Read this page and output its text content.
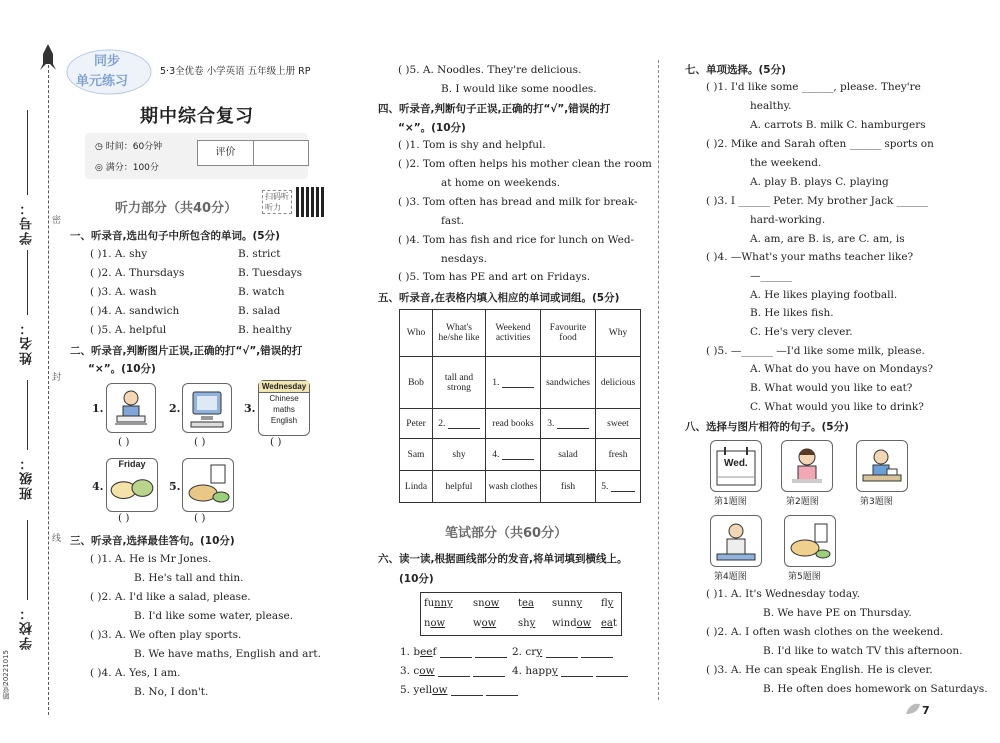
学号：
姓名：
班级：
学校：
密
封
线
随堂20221015
同步
单元练习
5·3全优卷 小学英语 五年级上册 RP
期中综合复习
◷ 时间：60分钟
◎ 满分：100分
评价
听力部分（共40分）
扫码听听力
一、听录音,选出句子中所包含的单词。(5分)
( )1. A. shy	B. strict
( )2. A. Thursdays	B. Tuesdays
( )3. A. wash	B. watch
( )4. A. sandwich	B. salad
( )5. A. helpful	B. healthy
二、听录音,判断图片正误,正确的打“√”,错误的打
“×”。(10分)
1.	2.	3.
Wednesday
Chinese
maths
English
( )	( )	( )
4.
Friday
5.
( )	( )
三、听录音,选择最佳答句。(10分)
( )1. A. He is Mr Jones.
B. He's tall and thin.
( )2. A. I'd like a salad, please.
B. I'd like some water, please.
( )3. A. We often play sports.
B. We have maths, English and art.
( )4. A. Yes, I am.
B. No, I don't.
( )5. A. Noodles. They're delicious.
B. I would like some noodles.
四、听录音,判断句子正误,正确的打“√”,错误的打
“×”。(10分)
( )1. Tom is shy and helpful.
( )2. Tom often helps his mother clean the room
at home on weekends.
( )3. Tom often has bread and milk for break-
fast.
( )4. Tom has fish and rice for lunch on Wed-
nesdays.
( )5. Tom has PE and art on Fridays.
五、听录音,在表格内填入相应的单词或词组。(5分)
Who	What's he/she like	Weekend activities	Favourite food	Why
Bob	tall and strong	1.	sandwiches	delicious
Peter	2.	read books	3.	sweet
Sam	shy	4.	salad	fresh
Linda	helpful	wash clothes	fish	5.
笔试部分（共60分）
六、读一读,根据画线部分的发音,将单词填到横线上。
(10分)
funny snow tea sunny fly
now	wow shy window eat
1. beef	2. cry
3. cow	4. happy
5. yellow
七、单项选择。(5分)
( )1. I'd like some ______, please. They're
healthy.
A. carrots B. milk C. hamburgers
( )2. Mike and Sarah often ______ sports on
the weekend.
A. play B. plays C. playing
( )3. I ______ Peter. My brother Jack ______
hard-working.
A. am, are B. is, are C. am, is
( )4. —What's your maths teacher like?
—______
A. He likes playing football.
B. He likes fish.
C. He's very clever.
( )5. —______ —I'd like some milk, please.
A. What do you have on Mondays?
B. What would you like to eat?
C. What would you like to drink?
八、选择与图片相符的句子。(5分)
Wed.
第1题图	第2题图	第3题图
第4题图	第5题图
( )1. A. It's Wednesday today.
B. We have PE on Thursday.
( )2. A. I often wash clothes on the weekend.
B. I'd like to watch TV this afternoon.
( )3. A. He can speak English. He is clever.
B. He often does homework on Saturdays.
7
